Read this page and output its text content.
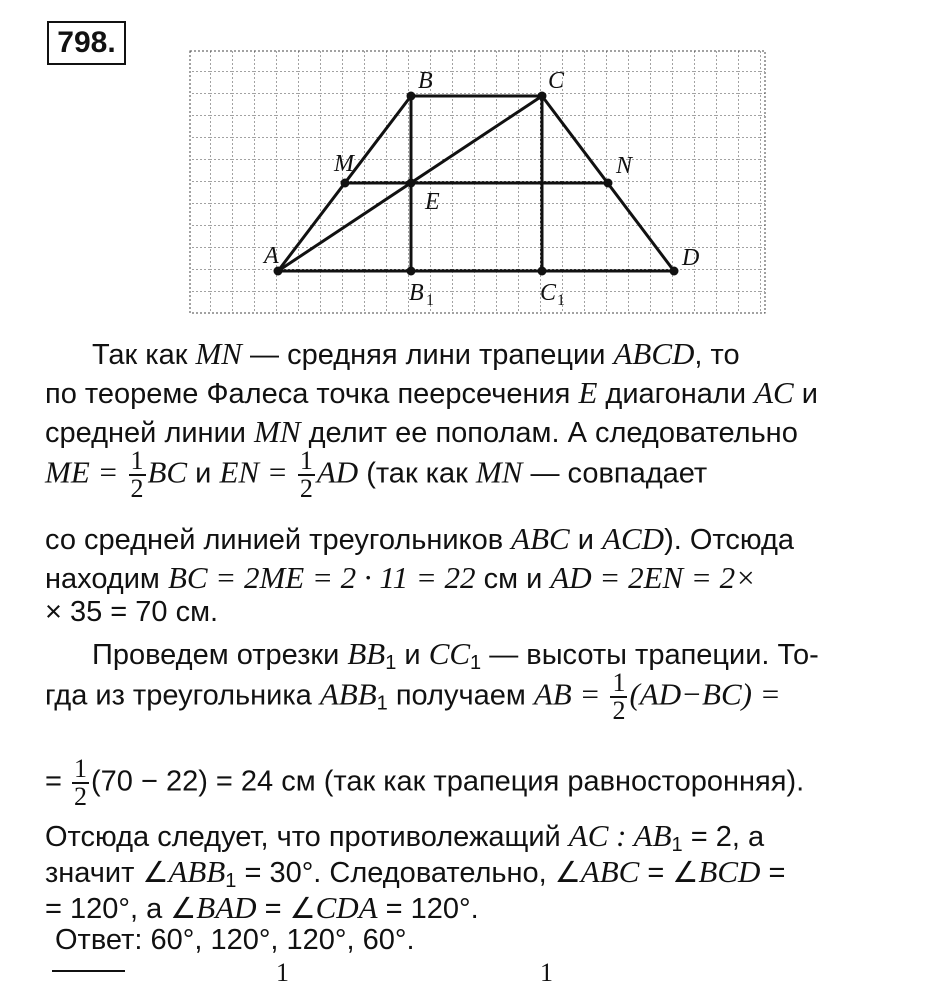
798.
A
B	C
D
M	N
E
B	C
1	1
Так как MN — средняя лини трапеции ABCD, то
по теореме Фалеса точка пеерсечения E диагонали AC и
средней линии MN делит ее пополам. А следовательно
ME = $\frac{1}{2}$ BC и EN = $\frac{1}{2}$ AD (так как MN — совпадает
со средней линией треугольников ABC и ACD). Отсюда
находим BC = 2ME = 2 · 11 = 22 см и AD = 2EN = 2×
× 35 = 70 см.
Проведем отрезки $BB_1$ и $CC_1$ — высоты трапеции. То-
гда из треугольника $ABB_1$ получаем AB = $\frac{1}{2} (AD-BC)$ =
= $\frac{1}{2} (70 - 22) = 24$ см (так как трапеция равносторонняя).
Отсюда следует, что противолежащий AC : $AB_1 = 2$, а
значит $\angle ABB_1 = 30^\circ$. Следовательно, ∠ABC = ∠BCD =
= 120°, а ∠BAD = ∠CDA = 120°.
Ответ: 60°, 120°, 120°, 60°.
1	1
